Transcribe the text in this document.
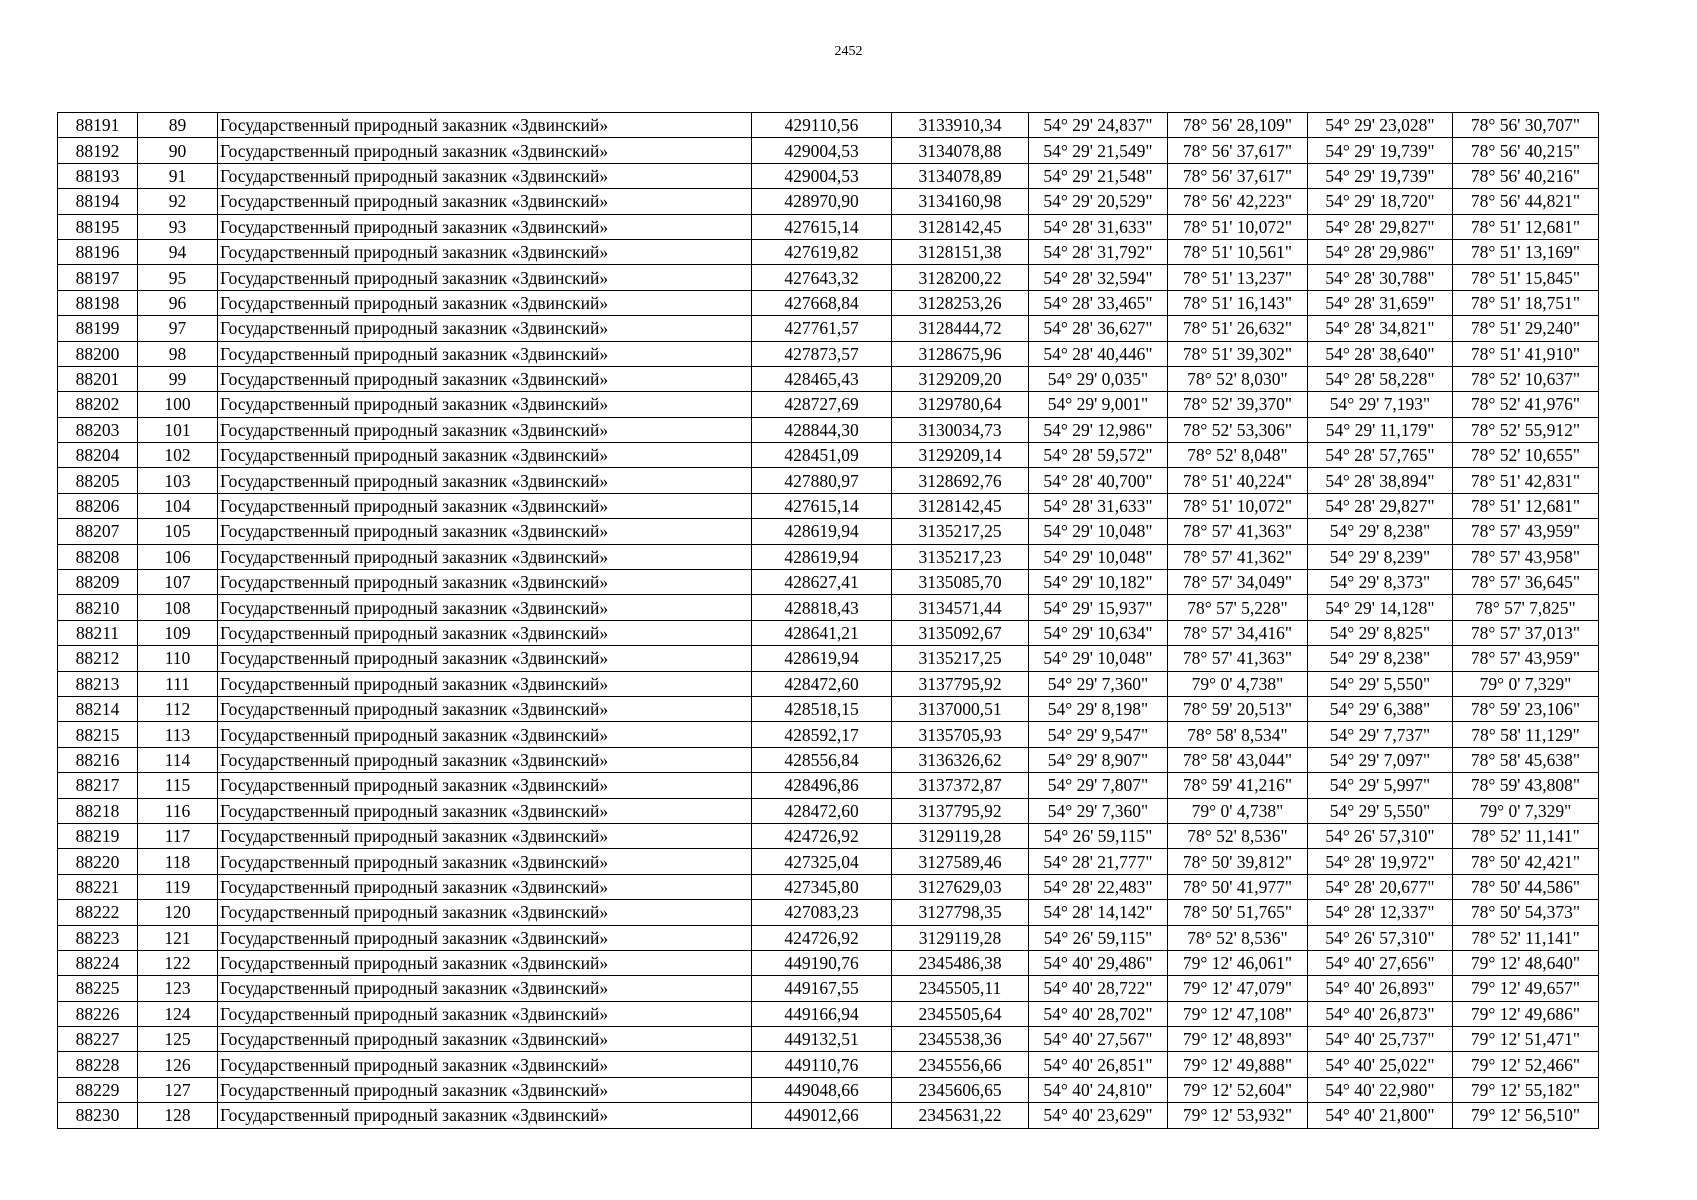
2452
88191	89	Государственный природный заказник «Здвинский»	429110,56	3133910,34	54° 29' 24,837"	78° 56' 28,109"	54° 29' 23,028"	78° 56' 30,707"
88192	90	Государственный природный заказник «Здвинский»	429004,53	3134078,88	54° 29' 21,549"	78° 56' 37,617"	54° 29' 19,739"	78° 56' 40,215"
88193	91	Государственный природный заказник «Здвинский»	429004,53	3134078,89	54° 29' 21,548"	78° 56' 37,617"	54° 29' 19,739"	78° 56' 40,216"
88194	92	Государственный природный заказник «Здвинский»	428970,90	3134160,98	54° 29' 20,529"	78° 56' 42,223"	54° 29' 18,720"	78° 56' 44,821"
88195	93	Государственный природный заказник «Здвинский»	427615,14	3128142,45	54° 28' 31,633"	78° 51' 10,072"	54° 28' 29,827"	78° 51' 12,681"
88196	94	Государственный природный заказник «Здвинский»	427619,82	3128151,38	54° 28' 31,792"	78° 51' 10,561"	54° 28' 29,986"	78° 51' 13,169"
88197	95	Государственный природный заказник «Здвинский»	427643,32	3128200,22	54° 28' 32,594"	78° 51' 13,237"	54° 28' 30,788"	78° 51' 15,845"
88198	96	Государственный природный заказник «Здвинский»	427668,84	3128253,26	54° 28' 33,465"	78° 51' 16,143"	54° 28' 31,659"	78° 51' 18,751"
88199	97	Государственный природный заказник «Здвинский»	427761,57	3128444,72	54° 28' 36,627"	78° 51' 26,632"	54° 28' 34,821"	78° 51' 29,240"
88200	98	Государственный природный заказник «Здвинский»	427873,57	3128675,96	54° 28' 40,446"	78° 51' 39,302"	54° 28' 38,640"	78° 51' 41,910"
88201	99	Государственный природный заказник «Здвинский»	428465,43	3129209,20	54° 29' 0,035"	78° 52' 8,030"	54° 28' 58,228"	78° 52' 10,637"
88202	100	Государственный природный заказник «Здвинский»	428727,69	3129780,64	54° 29' 9,001"	78° 52' 39,370"	54° 29' 7,193"	78° 52' 41,976"
88203	101	Государственный природный заказник «Здвинский»	428844,30	3130034,73	54° 29' 12,986"	78° 52' 53,306"	54° 29' 11,179"	78° 52' 55,912"
88204	102	Государственный природный заказник «Здвинский»	428451,09	3129209,14	54° 28' 59,572"	78° 52' 8,048"	54° 28' 57,765"	78° 52' 10,655"
88205	103	Государственный природный заказник «Здвинский»	427880,97	3128692,76	54° 28' 40,700"	78° 51' 40,224"	54° 28' 38,894"	78° 51' 42,831"
88206	104	Государственный природный заказник «Здвинский»	427615,14	3128142,45	54° 28' 31,633"	78° 51' 10,072"	54° 28' 29,827"	78° 51' 12,681"
88207	105	Государственный природный заказник «Здвинский»	428619,94	3135217,25	54° 29' 10,048"	78° 57' 41,363"	54° 29' 8,238"	78° 57' 43,959"
88208	106	Государственный природный заказник «Здвинский»	428619,94	3135217,23	54° 29' 10,048"	78° 57' 41,362"	54° 29' 8,239"	78° 57' 43,958"
88209	107	Государственный природный заказник «Здвинский»	428627,41	3135085,70	54° 29' 10,182"	78° 57' 34,049"	54° 29' 8,373"	78° 57' 36,645"
88210	108	Государственный природный заказник «Здвинский»	428818,43	3134571,44	54° 29' 15,937"	78° 57' 5,228"	54° 29' 14,128"	78° 57' 7,825"
88211	109	Государственный природный заказник «Здвинский»	428641,21	3135092,67	54° 29' 10,634"	78° 57' 34,416"	54° 29' 8,825"	78° 57' 37,013"
88212	110	Государственный природный заказник «Здвинский»	428619,94	3135217,25	54° 29' 10,048"	78° 57' 41,363"	54° 29' 8,238"	78° 57' 43,959"
88213	111	Государственный природный заказник «Здвинский»	428472,60	3137795,92	54° 29' 7,360"	79° 0' 4,738"	54° 29' 5,550"	79° 0' 7,329"
88214	112	Государственный природный заказник «Здвинский»	428518,15	3137000,51	54° 29' 8,198"	78° 59' 20,513"	54° 29' 6,388"	78° 59' 23,106"
88215	113	Государственный природный заказник «Здвинский»	428592,17	3135705,93	54° 29' 9,547"	78° 58' 8,534"	54° 29' 7,737"	78° 58' 11,129"
88216	114	Государственный природный заказник «Здвинский»	428556,84	3136326,62	54° 29' 8,907"	78° 58' 43,044"	54° 29' 7,097"	78° 58' 45,638"
88217	115	Государственный природный заказник «Здвинский»	428496,86	3137372,87	54° 29' 7,807"	78° 59' 41,216"	54° 29' 5,997"	78° 59' 43,808"
88218	116	Государственный природный заказник «Здвинский»	428472,60	3137795,92	54° 29' 7,360"	79° 0' 4,738"	54° 29' 5,550"	79° 0' 7,329"
88219	117	Государственный природный заказник «Здвинский»	424726,92	3129119,28	54° 26' 59,115"	78° 52' 8,536"	54° 26' 57,310"	78° 52' 11,141"
88220	118	Государственный природный заказник «Здвинский»	427325,04	3127589,46	54° 28' 21,777"	78° 50' 39,812"	54° 28' 19,972"	78° 50' 42,421"
88221	119	Государственный природный заказник «Здвинский»	427345,80	3127629,03	54° 28' 22,483"	78° 50' 41,977"	54° 28' 20,677"	78° 50' 44,586"
88222	120	Государственный природный заказник «Здвинский»	427083,23	3127798,35	54° 28' 14,142"	78° 50' 51,765"	54° 28' 12,337"	78° 50' 54,373"
88223	121	Государственный природный заказник «Здвинский»	424726,92	3129119,28	54° 26' 59,115"	78° 52' 8,536"	54° 26' 57,310"	78° 52' 11,141"
88224	122	Государственный природный заказник «Здвинский»	449190,76	2345486,38	54° 40' 29,486"	79° 12' 46,061"	54° 40' 27,656"	79° 12' 48,640"
88225	123	Государственный природный заказник «Здвинский»	449167,55	2345505,11	54° 40' 28,722"	79° 12' 47,079"	54° 40' 26,893"	79° 12' 49,657"
88226	124	Государственный природный заказник «Здвинский»	449166,94	2345505,64	54° 40' 28,702"	79° 12' 47,108"	54° 40' 26,873"	79° 12' 49,686"
88227	125	Государственный природный заказник «Здвинский»	449132,51	2345538,36	54° 40' 27,567"	79° 12' 48,893"	54° 40' 25,737"	79° 12' 51,471"
88228	126	Государственный природный заказник «Здвинский»	449110,76	2345556,66	54° 40' 26,851"	79° 12' 49,888"	54° 40' 25,022"	79° 12' 52,466"
88229	127	Государственный природный заказник «Здвинский»	449048,66	2345606,65	54° 40' 24,810"	79° 12' 52,604"	54° 40' 22,980"	79° 12' 55,182"
88230	128	Государственный природный заказник «Здвинский»	449012,66	2345631,22	54° 40' 23,629"	79° 12' 53,932"	54° 40' 21,800"	79° 12' 56,510"
